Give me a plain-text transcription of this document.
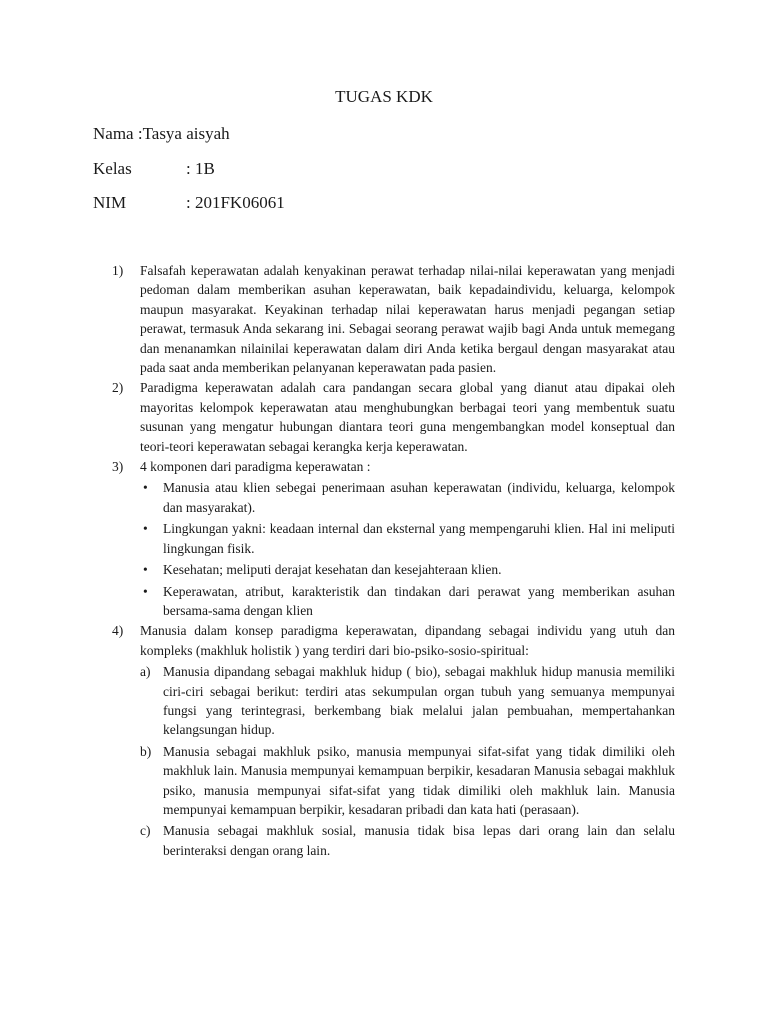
TUGAS KDK
Nama :Tasya aisyah
Kelas	: 1B
NIM	: 201FK06061
1) Falsafah keperawatan adalah kenyakinan perawat terhadap nilai-nilai keperawatan yang menjadi pedoman dalam memberikan asuhan keperawatan, baik kepadaindividu, keluarga, kelompok maupun masyarakat. Keyakinan terhadap nilai keperawatan harus menjadi pegangan setiap perawat, termasuk Anda sekarang ini. Sebagai seorang perawat wajib bagi Anda untuk memegang dan menanamkan nilainilai keperawatan dalam diri Anda ketika bergaul dengan masyarakat atau pada saat anda memberikan pelanyanan keperawatan pada pasien.
2) Paradigma keperawatan adalah cara pandangan secara global yang dianut atau dipakai oleh mayoritas kelompok keperawatan atau menghubungkan berbagai teori yang membentuk suatu susunan yang mengatur hubungan diantara teori guna mengembangkan model konseptual dan teori-teori keperawatan sebagai kerangka kerja keperawatan.
3) 4 komponen dari paradigma keperawatan :
• Manusia atau klien sebegai penerimaan asuhan keperawatan (individu, keluarga, kelompok dan masyarakat).
• Lingkungan yakni: keadaan internal dan eksternal yang mempengaruhi klien. Hal ini meliputi lingkungan fisik.
• Kesehatan; meliputi derajat kesehatan dan kesejahteraan klien.
• Keperawatan, atribut, karakteristik dan tindakan dari perawat yang memberikan asuhan bersama-sama dengan klien
4) Manusia dalam konsep paradigma keperawatan, dipandang sebagai individu yang utuh dan kompleks (makhluk holistik ) yang terdiri dari bio-psiko-sosio-spiritual:
a) Manusia dipandang sebagai makhluk hidup ( bio), sebagai makhluk hidup manusia memiliki ciri-ciri sebagai berikut: terdiri atas sekumpulan organ tubuh yang semuanya mempunyai fungsi yang terintegrasi, berkembang biak melalui jalan pembuahan, mempertahankan kelangsungan hidup.
b) Manusia sebagai makhluk psiko, manusia mempunyai sifat-sifat yang tidak dimiliki oleh makhluk lain. Manusia mempunyai kemampuan berpikir, kesadaran Manusia sebagai makhluk psiko, manusia mempunyai sifat-sifat yang tidak dimiliki oleh makhluk lain. Manusia mempunyai kemampuan berpikir, kesadaran pribadi dan kata hati (perasaan).
c) Manusia sebagai makhluk sosial, manusia tidak bisa lepas dari orang lain dan selalu berinteraksi dengan orang lain.
